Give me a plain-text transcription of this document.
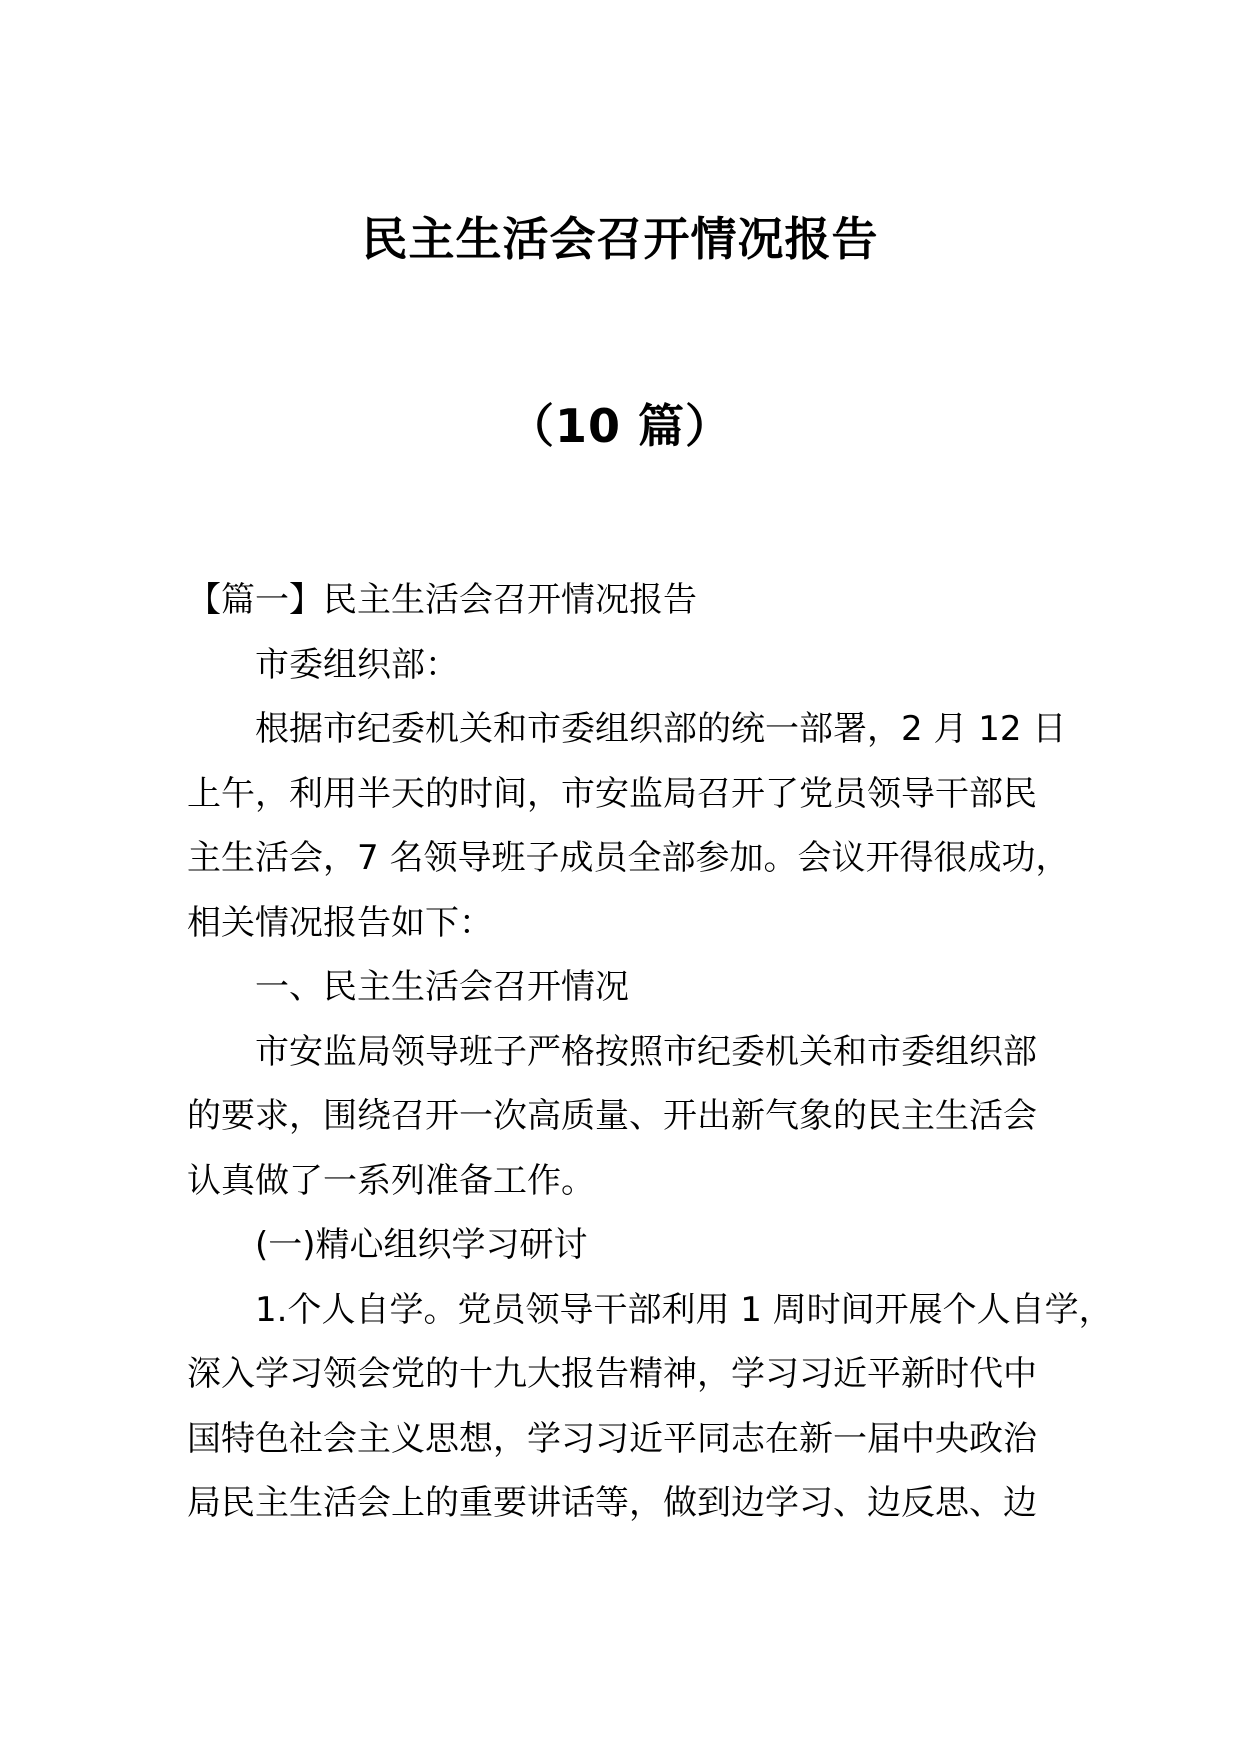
民主生活会召开情况报告
（10 篇）
【篇一】民主生活会召开情况报告
市委组织部：
根据市纪委机关和市委组织部的统一部署，2 月 12 日
上午，利用半天的时间，市安监局召开了党员领导干部民
主生活会，7 名领导班子成员全部参加。会议开得很成功，
相关情况报告如下：
一、民主生活会召开情况
市安监局领导班子严格按照市纪委机关和市委组织部
的要求，围绕召开一次高质量、开出新气象的民主生活会
认真做了一系列准备工作。
(一)精心组织学习研讨
1.个人自学。党员领导干部利用 1 周时间开展个人自学，
深入学习领会党的十九大报告精神，学习习近平新时代中
国特色社会主义思想，学习习近平同志在新一届中央政治
局民主生活会上的重要讲话等，做到边学习、边反思、边
